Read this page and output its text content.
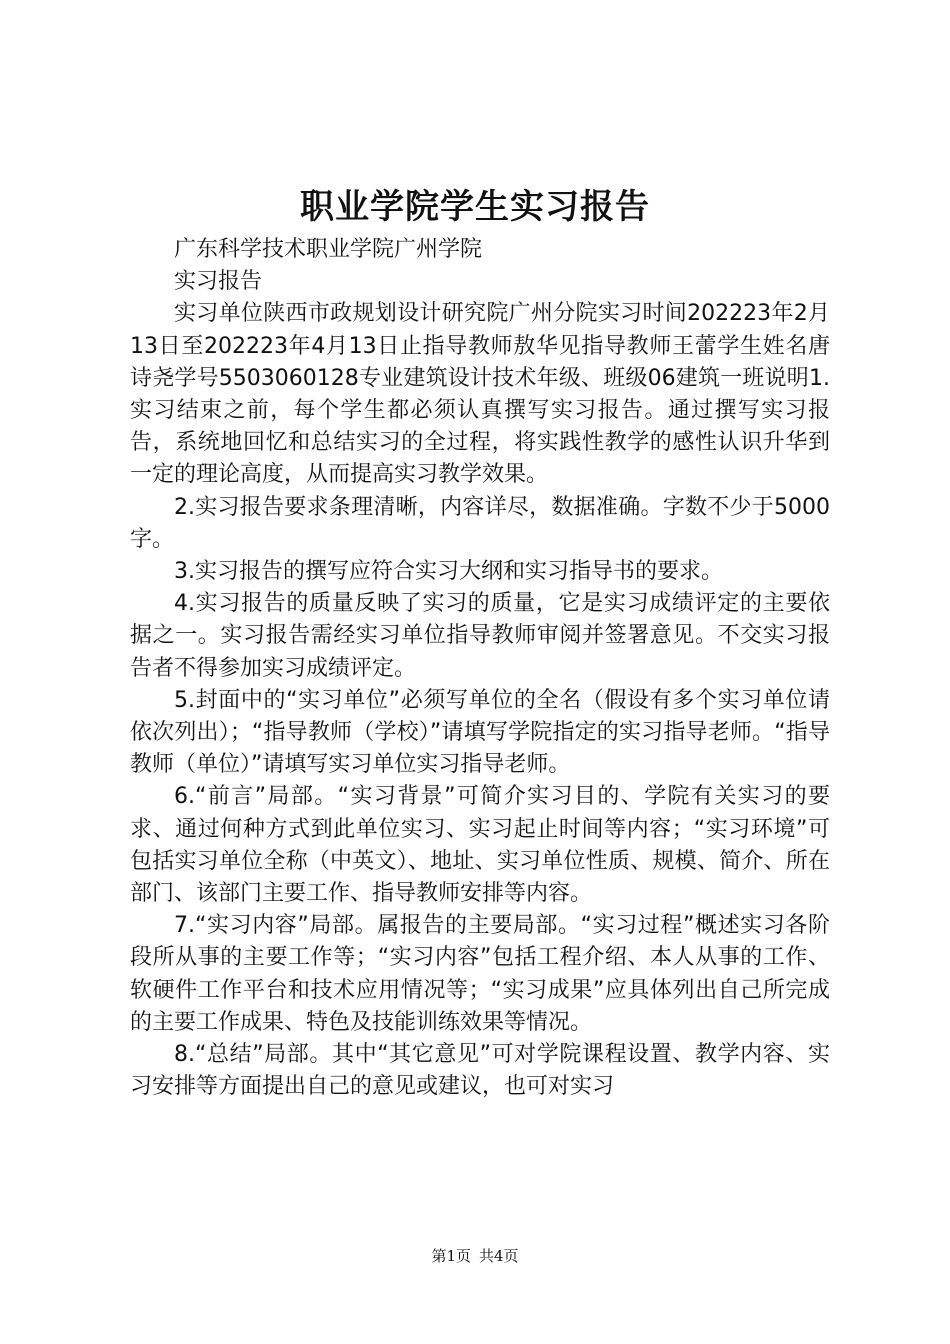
职业学院学生实习报告

广东科学技术职业学院广州学院

实习报告

实习单位陕西市政规划设计研究院广州分院实习时间202223年2月13日至202223年4月13日止指导教师敖华见指导教师王蕾学生姓名唐诗尧学号5503060128专业建筑设计技术年级、班级06建筑一班说明1.实习结束之前，每个学生都必须认真撰写实习报告。通过撰写实习报告，系统地回忆和总结实习的全过程，将实践性教学的感性认识升华到一定的理论高度，从而提高实习教学效果。

2.实习报告要求条理清晰，内容详尽，数据准确。字数不少于5000字。

3.实习报告的撰写应符合实习大纲和实习指导书的要求。

4.实习报告的质量反映了实习的质量，它是实习成绩评定的主要依据之一。实习报告需经实习单位指导教师审阅并签署意见。不交实习报告者不得参加实习成绩评定。

5.封面中的“实习单位”必须写单位的全名（假设有多个实习单位请依次列出）；“指导教师（学校）”请填写学院指定的实习指导老师。“指导教师（单位）”请填写实习单位实习指导老师。

6.“前言”局部。“实习背景”可简介实习目的、学院有关实习的要求、通过何种方式到此单位实习、实习起止时间等内容；“实习环境”可包括实习单位全称（中英文）、地址、实习单位性质、规模、简介、所在部门、该部门主要工作、指导教师安排等内容。

7.“实习内容”局部。属报告的主要局部。“实习过程”概述实习各阶段所从事的主要工作等；“实习内容”包括工程介绍、本人从事的工作、软硬件工作平台和技术应用情况等；“实习成果”应具体列出自己所完成的主要工作成果、特色及技能训练效果等情况。

8.“总结”局部。其中“其它意见”可对学院课程设置、教学内容、实习安排等方面提出自己的意见或建议，也可对实习

第1页 共4页
